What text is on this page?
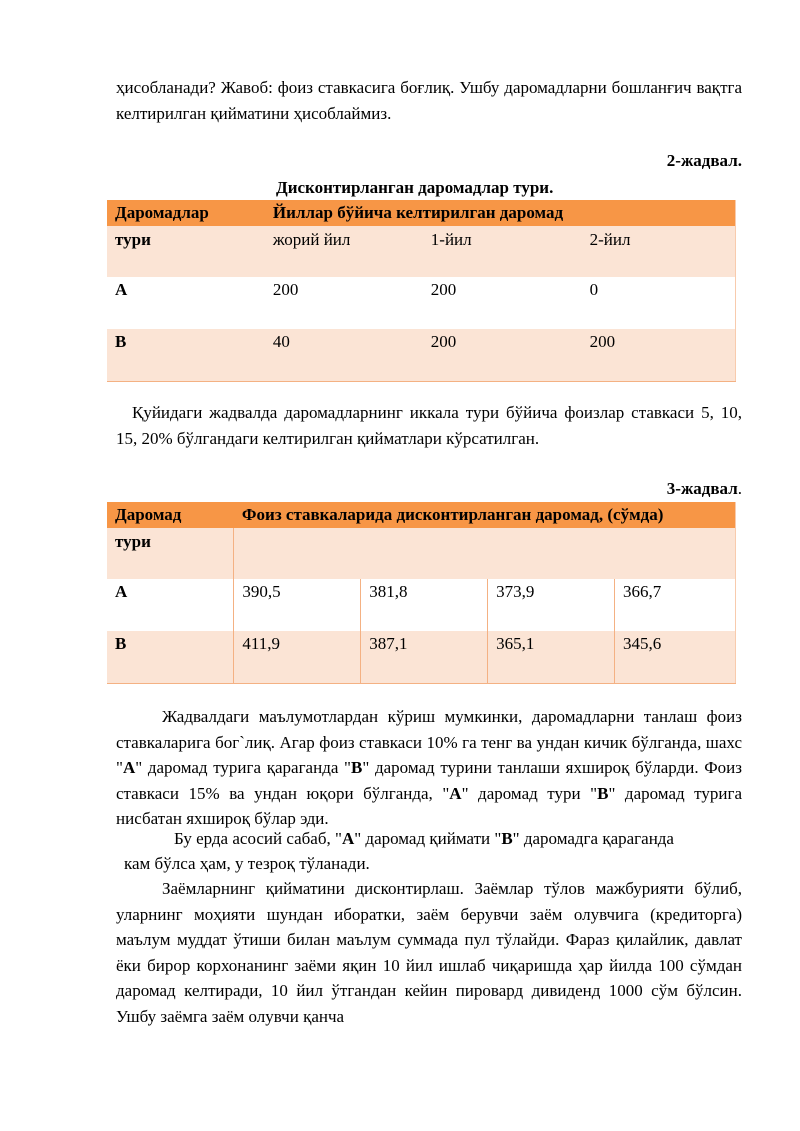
ҳисобланади? Жавоб: фоиз ставкасига боғлиқ. Ушбу даромадларни бошланғич вақтга келтирилган қийматини ҳисоблаймиз.

2-жадвал.

Дисконтирланган даромадлар тури.

Даромадлар	Йиллар бўйича келтирилган даромад		
тури	жорий йил	1-йил	2-йил
A	200	200	0
B	40	200	200

Қуйидаги жадвалда даромадларнинг иккала тури бўйича фоизлар ставкаси 5, 10, 15, 20% бўлгандаги келтирилган қийматлари кўрсатилган.

3-жадвал.

Даромад	Фоиз ставкаларида дисконтирланган даромад, (сўмда)			
тури				
A	390,5	381,8	373,9	366,7
B	411,9	387,1	365,1	345,6

Жадвалдаги маълумотлардан кўриш мумкинки, даромадларни танлаш фоиз ставкаларига бог`лиқ. Агар фоиз ставкаси 10% га тенг ва ундан кичик бўлганда, шахс "A" даромад турига қараганда "B" даромад турини танлаши яхшироқ бўларди. Фоиз ставкаси 15% ва ундан юқори бўлганда, "A" даромад тури "B" даромад турига нисбатан яхшироқ бўлар эди.

Бу ерда асосий сабаб, "A" даромад қиймати "B" даромадга қараганда

кам бўлса ҳам, у тезроқ тўланади.

Заёмларнинг қийматини дисконтирлаш. Заёмлар тўлов мажбурияти бўлиб, уларнинг моҳияти шундан иборатки, заём берувчи заём олувчига (кредиторга) маълум муддат ўтиши билан маълум суммада пул тўлайди. Фараз қилайлик, давлат ёки бирор корхонанинг заёми яқин 10 йил ишлаб чиқаришда ҳар йилда 100 сўмдан даромад келтиради, 10 йил ўтгандан кейин пировард дивиденд 1000 сўм бўлсин. Ушбу заёмга заём олувчи қанча
